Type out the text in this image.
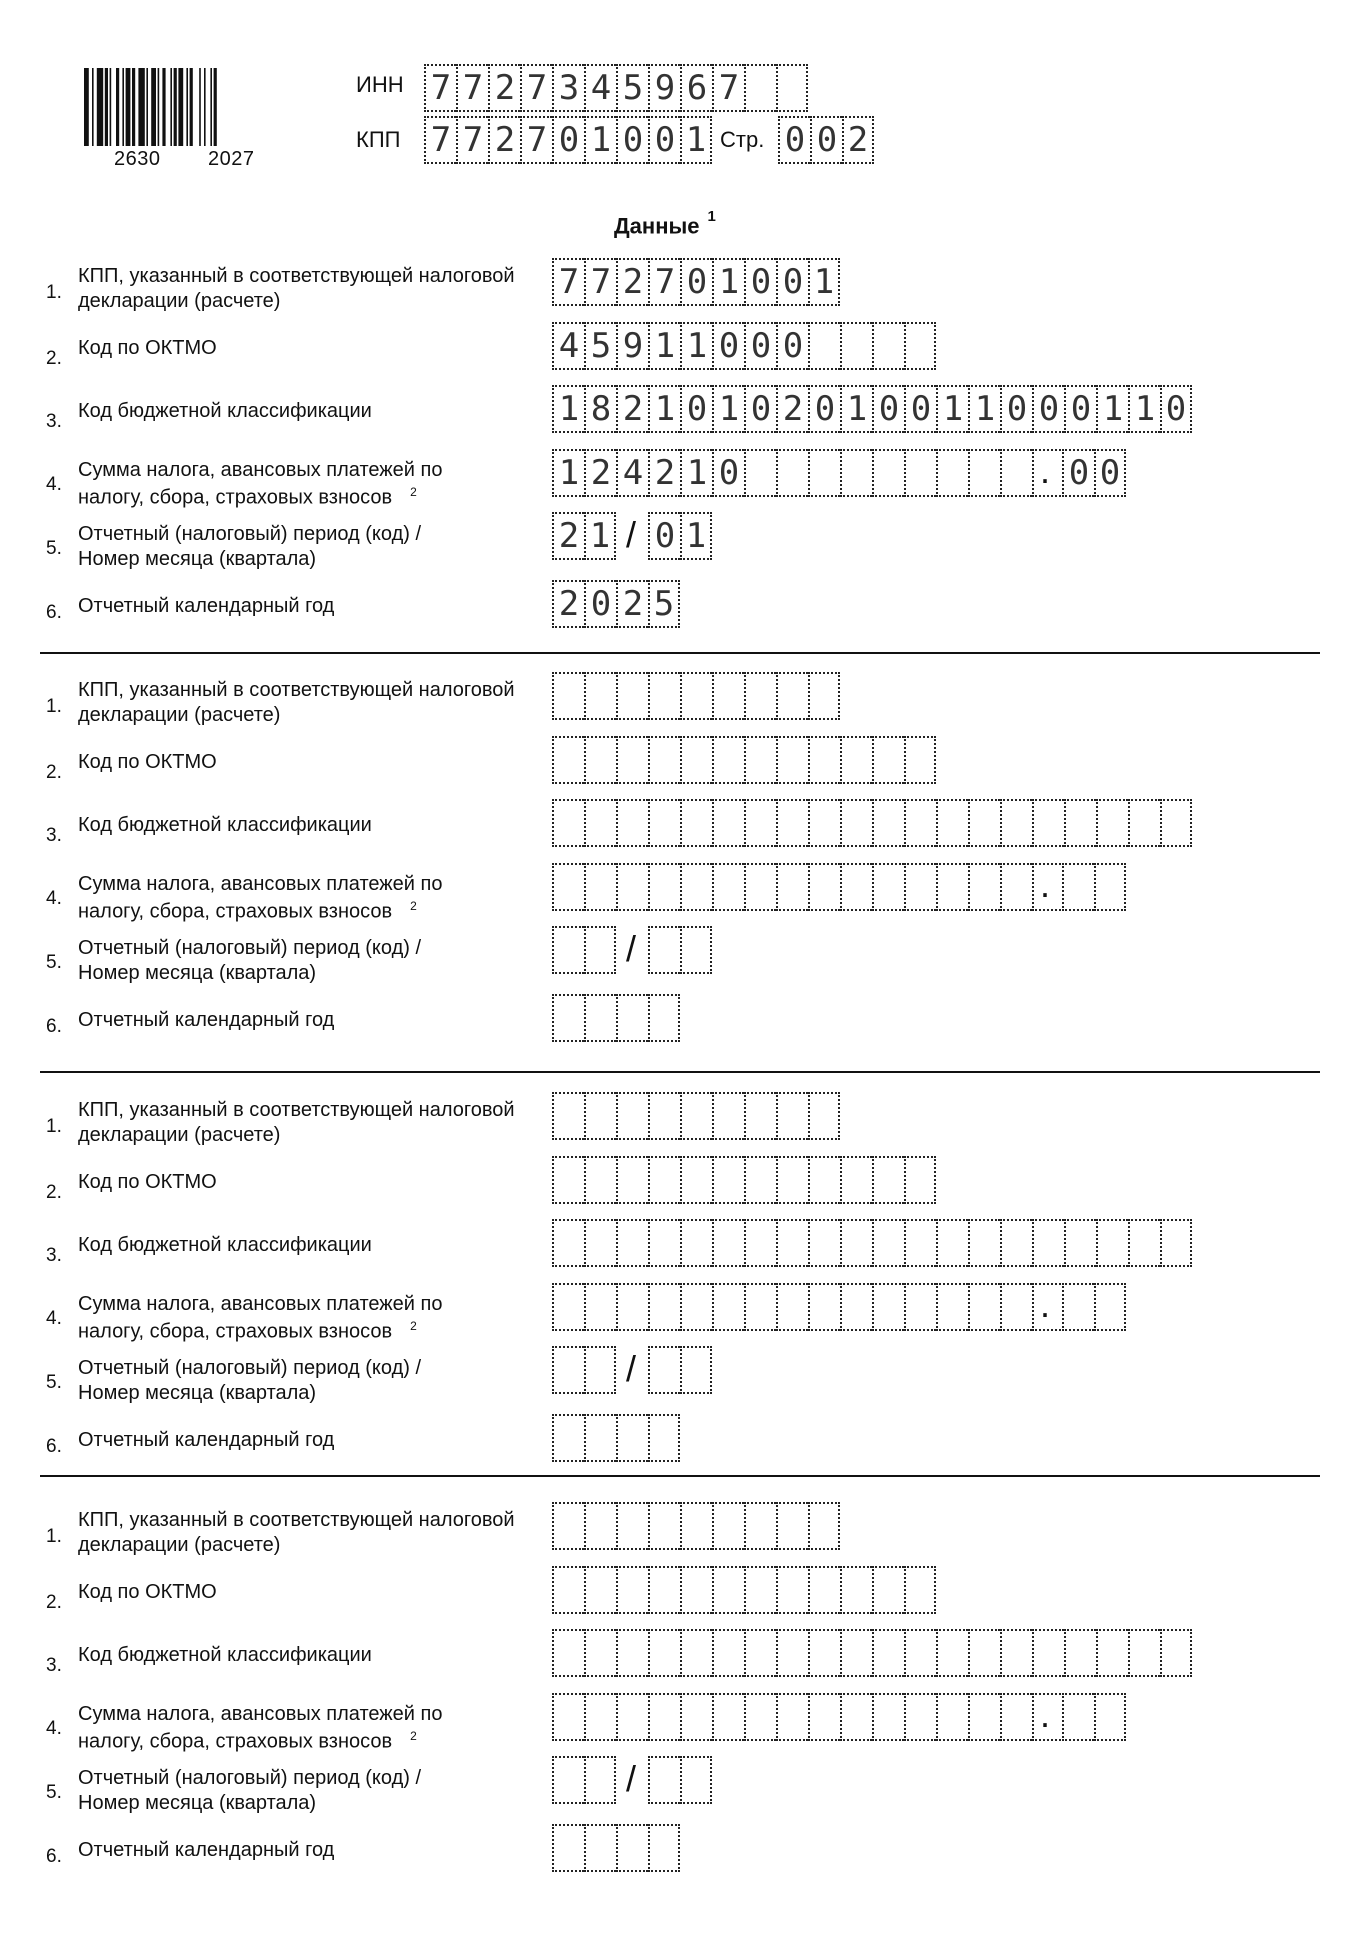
2630 2027
ИНН 7 7 2 7 3 4 5 9 6 7
КПП 7 7 2 7 0 1 0 0 1 Стр. 0 0 2
Данные $^1$
1.
2.
3.
4.
5.
6.
КПП, указанный в соответствующей налоговой
декларации (расчете)
Код по ОКТМО
Код бюджетной классификации
Сумма налога, авансовых платежей по
налогу, сбора, страховых взносов $^2$
Отчетный (налоговый) период (код) /
Номер месяца (квартала)
Отчетный календарный год
7 7 2 7 0 1 0 0 1
4 5 9 1 1 0 0 0
1 8 2 1 0 1 0 2 0 1 0 0 1 1 0 0 0 1 1 0
1 2 4 2 1 0	. 0 0
2 1 / 0 1
2 0 2 5
1.
2.
3.
4.
5.
6.
КПП, указанный в соответствующей налоговой
декларации (расчете)
Код по ОКТМО
Код бюджетной классификации
Сумма налога, авансовых платежей по
налогу, сбора, страховых взносов $^2$
Отчетный (налоговый) период (код) /
Номер месяца (квартала)
Отчетный календарный год
.
/
1.
2.
3.
4.
5.
6.
КПП, указанный в соответствующей налоговой
декларации (расчете)
Код по ОКТМО
Код бюджетной классификации
Сумма налога, авансовых платежей по
налогу, сбора, страховых взносов $^2$
Отчетный (налоговый) период (код) /
Номер месяца (квартала)
Отчетный календарный год
.
/
1.
2.
3.
4.
5.
6.
КПП, указанный в соответствующей налоговой
декларации (расчете)
Код по ОКТМО
Код бюджетной классификации
Сумма налога, авансовых платежей по
налогу, сбора, страховых взносов $^2$
Отчетный (налоговый) период (код) /
Номер месяца (квартала)
Отчетный календарный год
.
/
